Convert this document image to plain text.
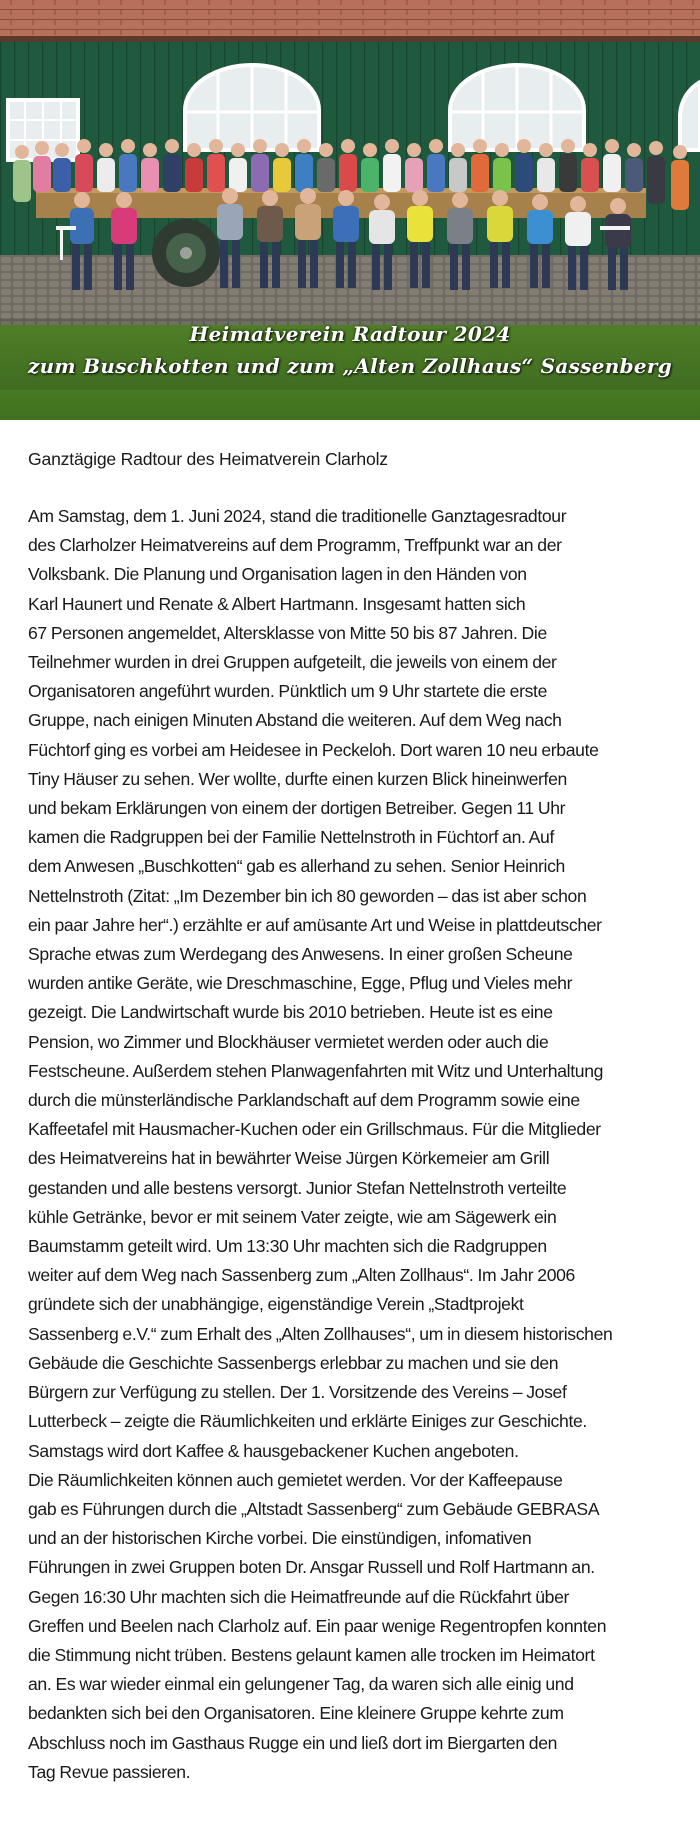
Heimatverein Radtour 2024
zum Buschkotten und zum „Alten Zollhaus“ Sassenberg

Ganztägige Radtour des Heimatverein Clarholz

Am Samstag, dem 1. Juni 2024, stand die traditionelle Ganztagesradtour
des Clarholzer Heimatvereins auf dem Programm, Treffpunkt war an der
Volksbank. Die Planung und Organisation lagen in den Händen von
Karl Haunert und Renate & Albert Hartmann. Insgesamt hatten sich
67 Personen angemeldet, Altersklasse von Mitte 50 bis 87 Jahren. Die
Teilnehmer wurden in drei Gruppen aufgeteilt, die jeweils von einem der
Organisatoren angeführt wurden. Pünktlich um 9 Uhr startete die erste
Gruppe, nach einigen Minuten Abstand die weiteren. Auf dem Weg nach
Füchtorf ging es vorbei am Heidesee in Peckeloh. Dort waren 10 neu erbaute
Tiny Häuser zu sehen. Wer wollte, durfte einen kurzen Blick hineinwerfen
und bekam Erklärungen von einem der dortigen Betreiber. Gegen 11 Uhr
kamen die Radgruppen bei der Familie Nettelnstroth in Füchtorf an. Auf
dem Anwesen „Buschkotten“ gab es allerhand zu sehen. Senior Heinrich
Nettelnstroth (Zitat: „Im Dezember bin ich 80 geworden – das ist aber schon
ein paar Jahre her“.) erzählte er auf amüsante Art und Weise in plattdeutscher
Sprache etwas zum Werdegang des Anwesens. In einer großen Scheune
wurden antike Geräte, wie Dreschmaschine, Egge, Pflug und Vieles mehr
gezeigt. Die Landwirtschaft wurde bis 2010 betrieben. Heute ist es eine
Pension, wo Zimmer und Blockhäuser vermietet werden oder auch die
Festscheune. Außerdem stehen Planwagenfahrten mit Witz und Unterhaltung
durch die münsterländische Parklandschaft auf dem Programm sowie eine
Kaffeetafel mit Hausmacher-Kuchen oder ein Grillschmaus. Für die Mitglieder
des Heimatvereins hat in bewährter Weise Jürgen Körkemeier am Grill
gestanden und alle bestens versorgt. Junior Stefan Nettelnstroth verteilte
kühle Getränke, bevor er mit seinem Vater zeigte, wie am Sägewerk ein
Baumstamm geteilt wird. Um 13:30 Uhr machten sich die Radgruppen
weiter auf dem Weg nach Sassenberg zum „Alten Zollhaus“. Im Jahr 2006
gründete sich der unabhängige, eigenständige Verein „Stadtprojekt
Sassenberg e.V.“ zum Erhalt des „Alten Zollhauses“, um in diesem historischen
Gebäude die Geschichte Sassenbergs erlebbar zu machen und sie den
Bürgern zur Verfügung zu stellen. Der 1. Vorsitzende des Vereins – Josef
Lutterbeck – zeigte die Räumlichkeiten und erklärte Einiges zur Geschichte.
Samstags wird dort Kaffee & hausgebackener Kuchen angeboten.
Die Räumlichkeiten können auch gemietet werden. Vor der Kaffeepause
gab es Führungen durch die „Altstadt Sassenberg“ zum Gebäude GEBRASA
und an der historischen Kirche vorbei. Die einstündigen, infomativen
Führungen in zwei Gruppen boten Dr. Ansgar Russell und Rolf Hartmann an.
Gegen 16:30 Uhr machten sich die Heimatfreunde auf die Rückfahrt über
Greffen und Beelen nach Clarholz auf. Ein paar wenige Regentropfen konnten
die Stimmung nicht trüben. Bestens gelaunt kamen alle trocken im Heimatort
an. Es war wieder einmal ein gelungener Tag, da waren sich alle einig und
bedankten sich bei den Organisatoren. Eine kleinere Gruppe kehrte zum
Abschluss noch im Gasthaus Rugge ein und ließ dort im Biergarten den
Tag Revue passieren.
